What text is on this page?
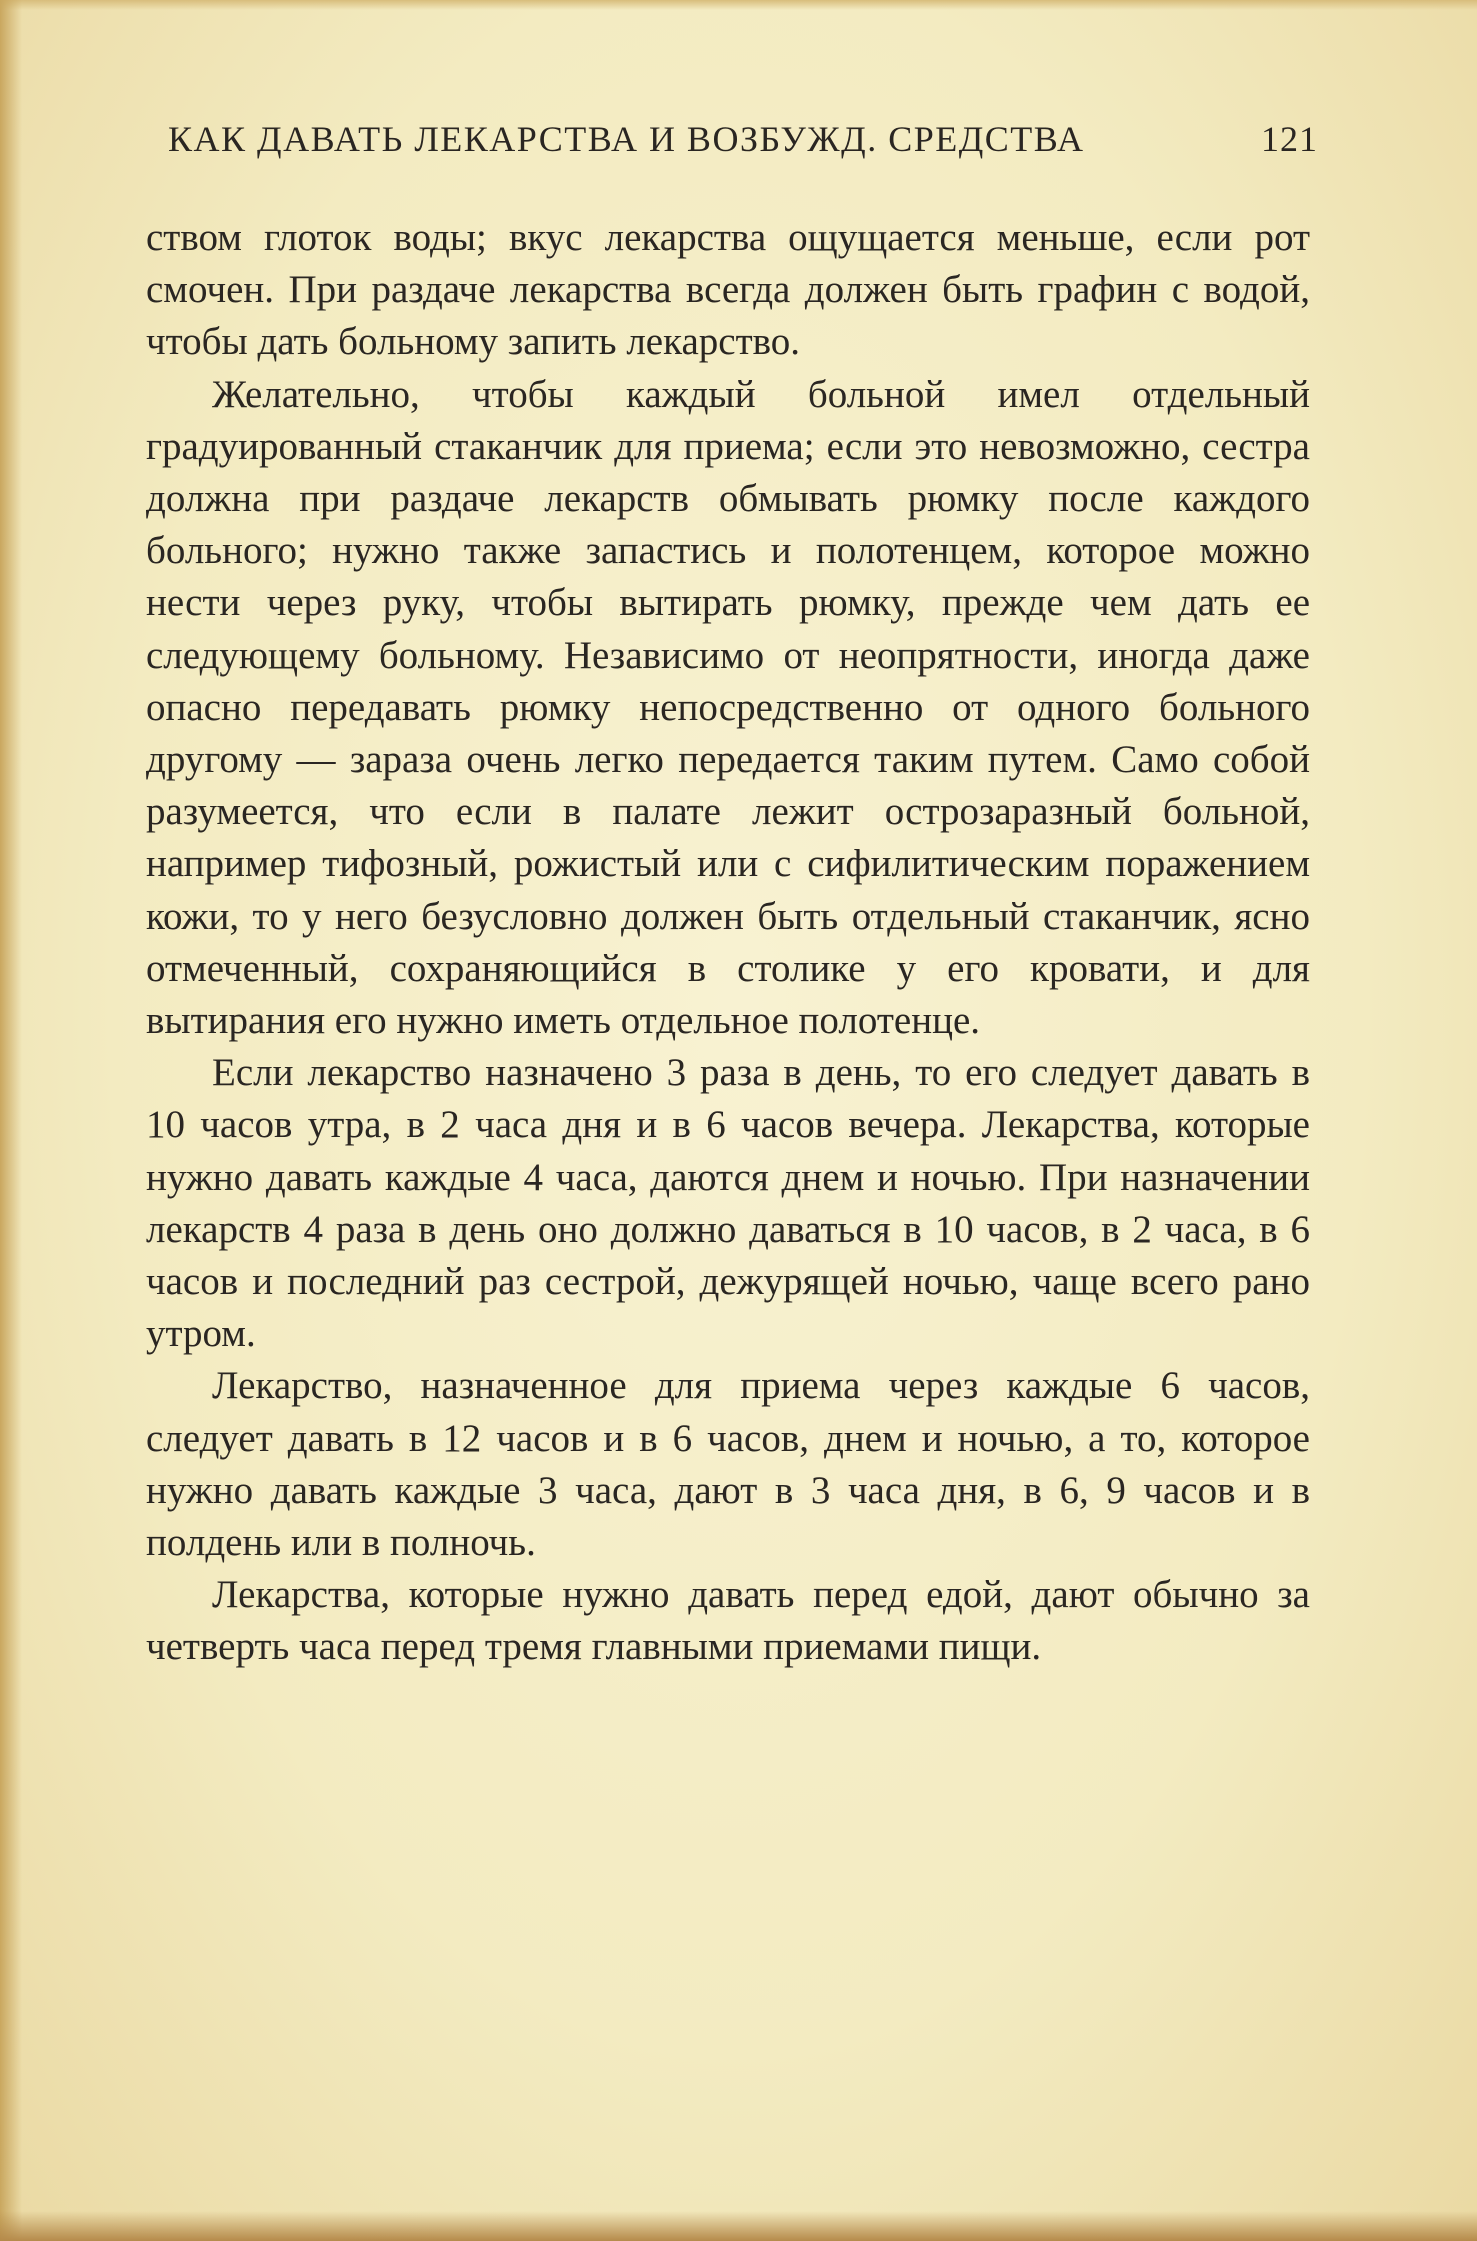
КАК ДАВАТЬ ЛЕКАРСТВА И ВОЗБУЖД. СРЕДСТВА	121

ством глоток воды; вкус лекарства ощущается меньше, если рот смочен. При раздаче лекарства всегда должен быть графин с водой, чтобы дать больному запить лекарство.

Желательно, чтобы каждый больной имел отдельный градуированный стаканчик для приема; если это невозможно, сестра должна при раздаче лекарств обмывать рюмку после каждого больного; нужно также запастись и полотенцем, которое можно нести через руку, чтобы вытирать рюмку, прежде чем дать ее следующему больному. Независимо от неопрятности, иногда даже опасно передавать рюмку непосредственно от одного больного другому — зараза очень легко передается таким путем. Само собой разумеется, что если в палате лежит острозаразный больной, например тифозный, рожистый или с сифилитическим поражением кожи, то у него безусловно должен быть отдельный стаканчик, ясно отмеченный, сохраняющийся в столике у его кровати, и для вытирания его нужно иметь отдельное полотенце.

Если лекарство назначено 3 раза в день, то его следует давать в 10 часов утра, в 2 часа дня и в 6 часов вечера. Лекарства, которые нужно давать каждые 4 часа, даются днем и ночью. При назначении лекарств 4 раза в день оно должно даваться в 10 часов, в 2 часа, в 6 часов и последний раз сестрой, дежурящей ночью, чаще всего рано утром.

Лекарство, назначенное для приема через каждые 6 часов, следует давать в 12 часов и в 6 часов, днем и ночью, а то, которое нужно давать каждые 3 часа, дают в 3 часа дня, в 6, 9 часов и в полдень или в полночь.

Лекарства, которые нужно давать перед едой, дают обычно за четверть часа перед тремя главными приемами пищи.
